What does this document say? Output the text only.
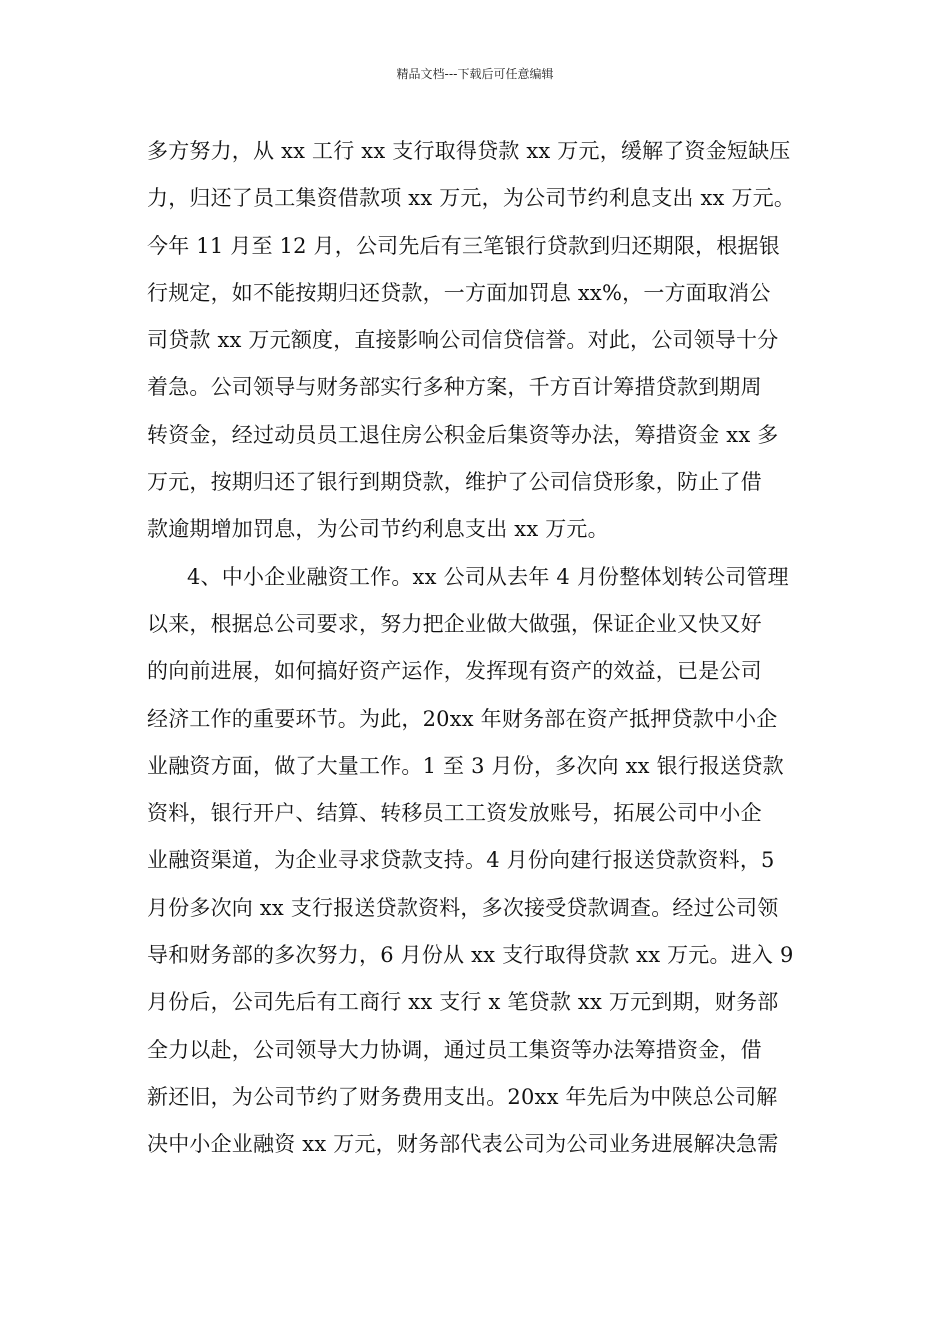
精品文档---下载后可任意编辑
多方努力，从 xx 工行 xx 支行取得贷款 xx 万元，缓解了资金短缺压
力，归还了员工集资借款项 xx 万元，为公司节约利息支出 xx 万元。
今年 11 月至 12 月，公司先后有三笔银行贷款到归还期限，根据银
行规定，如不能按期归还贷款，一方面加罚息 xx%，一方面取消公
司贷款 xx 万元额度，直接影响公司信贷信誉。对此，公司领导十分
着急。公司领导与财务部实行多种方案，千方百计筹措贷款到期周
转资金，经过动员员工退住房公积金后集资等办法，筹措资金 xx 多
万元，按期归还了银行到期贷款，维护了公司信贷形象，防止了借
款逾期增加罚息，为公司节约利息支出 xx 万元。
4、中小企业融资工作。xx 公司从去年 4 月份整体划转公司管理
以来，根据总公司要求，努力把企业做大做强，保证企业又快又好
的向前进展，如何搞好资产运作，发挥现有资产的效益，已是公司
经济工作的重要环节。为此，20xx 年财务部在资产抵押贷款中小企
业融资方面，做了大量工作。1 至 3 月份，多次向 xx 银行报送贷款
资料，银行开户、结算、转移员工工资发放账号，拓展公司中小企
业融资渠道，为企业寻求贷款支持。4 月份向建行报送贷款资料，5
月份多次向 xx 支行报送贷款资料，多次接受贷款调查。经过公司领
导和财务部的多次努力，6 月份从 xx 支行取得贷款 xx 万元。进入 9
月份后，公司先后有工商行 xx 支行 x 笔贷款 xx 万元到期，财务部
全力以赴，公司领导大力协调，通过员工集资等办法筹措资金，借
新还旧，为公司节约了财务费用支出。20xx 年先后为中陕总公司解
决中小企业融资 xx 万元，财务部代表公司为公司业务进展解决急需
